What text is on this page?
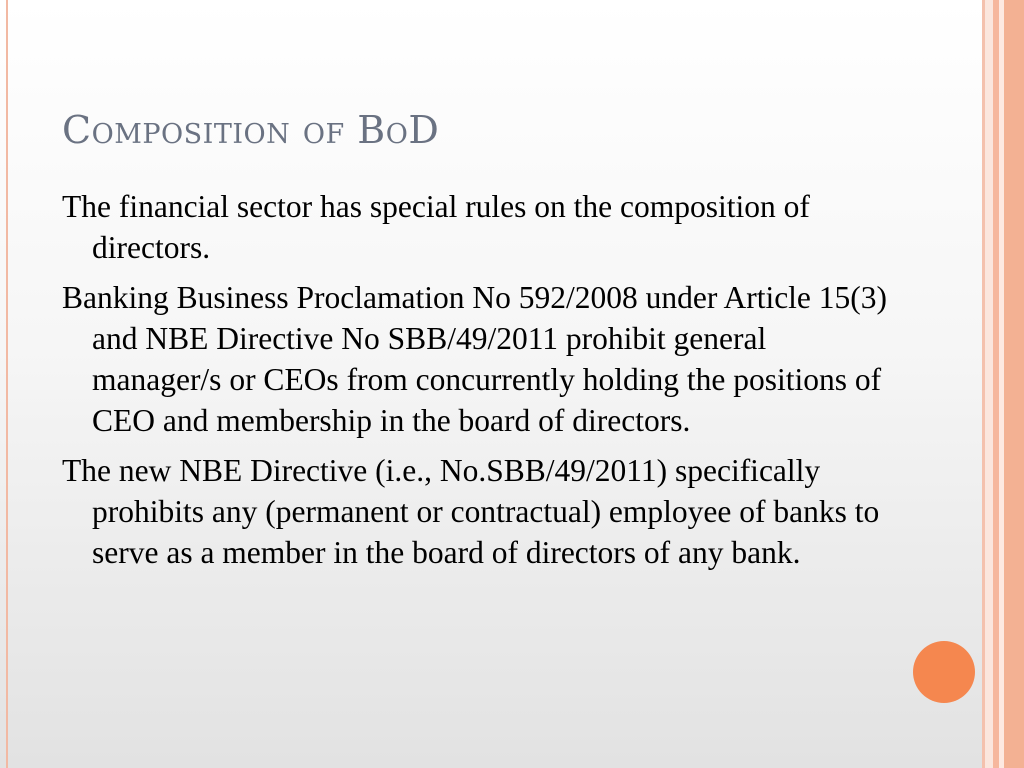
Composition of BoD

The financial sector has special rules on the composition of directors.

Banking Business Proclamation No 592/2008 under Article 15(3) and NBE Directive No SBB/49/2011 prohibit general manager/s or CEOs from concurrently holding the positions of CEO and membership in the board of directors.

The new NBE Directive (i.e., No.SBB/49/2011) specifically prohibits any (permanent or contractual) employee of banks to serve as a member in the board of directors of any bank.
